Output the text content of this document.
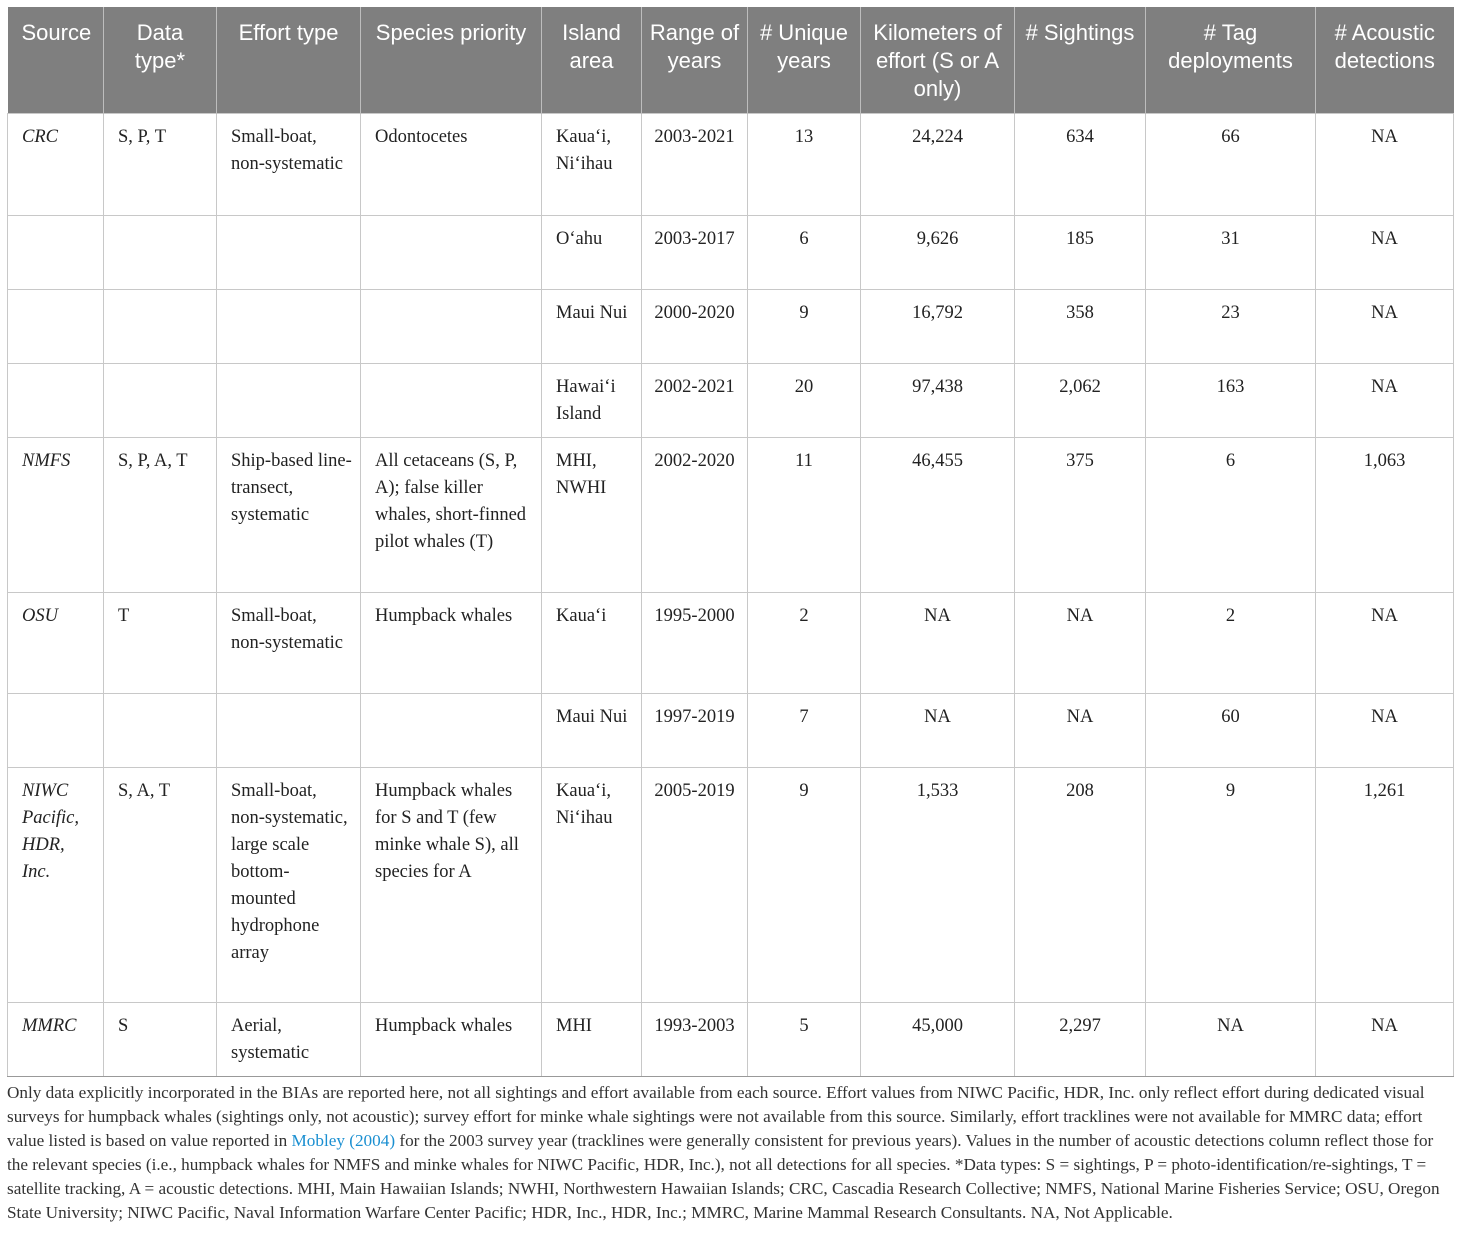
Source	Data type*	Effort type	Species priority	Island area	Range of years	# Unique years	Kilometers of effort (S or A only)	# Sightings	# Tag deployments	# Acoustic detections
CRC	S, P, T	Small-boat, non-systematic	Odontocetes	Kaua‘i, Ni‘ihau	2003-2021	13	24,224	634	66	NA
				O‘ahu	2003-2017	6	9,626	185	31	NA
				Maui Nui	2000-2020	9	16,792	358	23	NA
				Hawai‘i Island	2002-2021	20	97,438	2,062	163	NA
NMFS	S, P, A, T	Ship-based line-transect, systematic	All cetaceans (S, P, A); false killer whales, short-finned pilot whales (T)	MHI, NWHI	2002-2020	11	46,455	375	6	1,063
OSU	T	Small-boat, non-systematic	Humpback whales	Kaua‘i	1995-2000	2	NA	NA	2	NA
				Maui Nui	1997-2019	7	NA	NA	60	NA
NIWC Pacific, HDR, Inc.	S, A, T	Small-boat, non-systematic, large scale bottom-mounted hydrophone array	Humpback whales for S and T (few minke whale S), all species for A	Kaua‘i, Ni‘ihau	2005-2019	9	1,533	208	9	1,261
MMRC	S	Aerial, systematic	Humpback whales	MHI	1993-2003	5	45,000	2,297	NA	NA

Only data explicitly incorporated in the BIAs are reported here, not all sightings and effort available from each source. Effort values from NIWC Pacific, HDR, Inc. only reflect effort during dedicated visual surveys for humpback whales (sightings only, not acoustic); survey effort for minke whale sightings were not available from this source. Similarly, effort tracklines were not available for MMRC data; effort value listed is based on value reported in Mobley (2004) for the 2003 survey year (tracklines were generally consistent for previous years). Values in the number of acoustic detections column reflect those for the relevant species (i.e., humpback whales for NMFS and minke whales for NIWC Pacific, HDR, Inc.), not all detections for all species. *Data types: S = sightings, P = photo-identification/re-sightings, T = satellite tracking, A = acoustic detections. MHI, Main Hawaiian Islands; NWHI, Northwestern Hawaiian Islands; CRC, Cascadia Research Collective; NMFS, National Marine Fisheries Service; OSU, Oregon State University; NIWC Pacific, Naval Information Warfare Center Pacific; HDR, Inc., HDR, Inc.; MMRC, Marine Mammal Research Consultants. NA, Not Applicable.
